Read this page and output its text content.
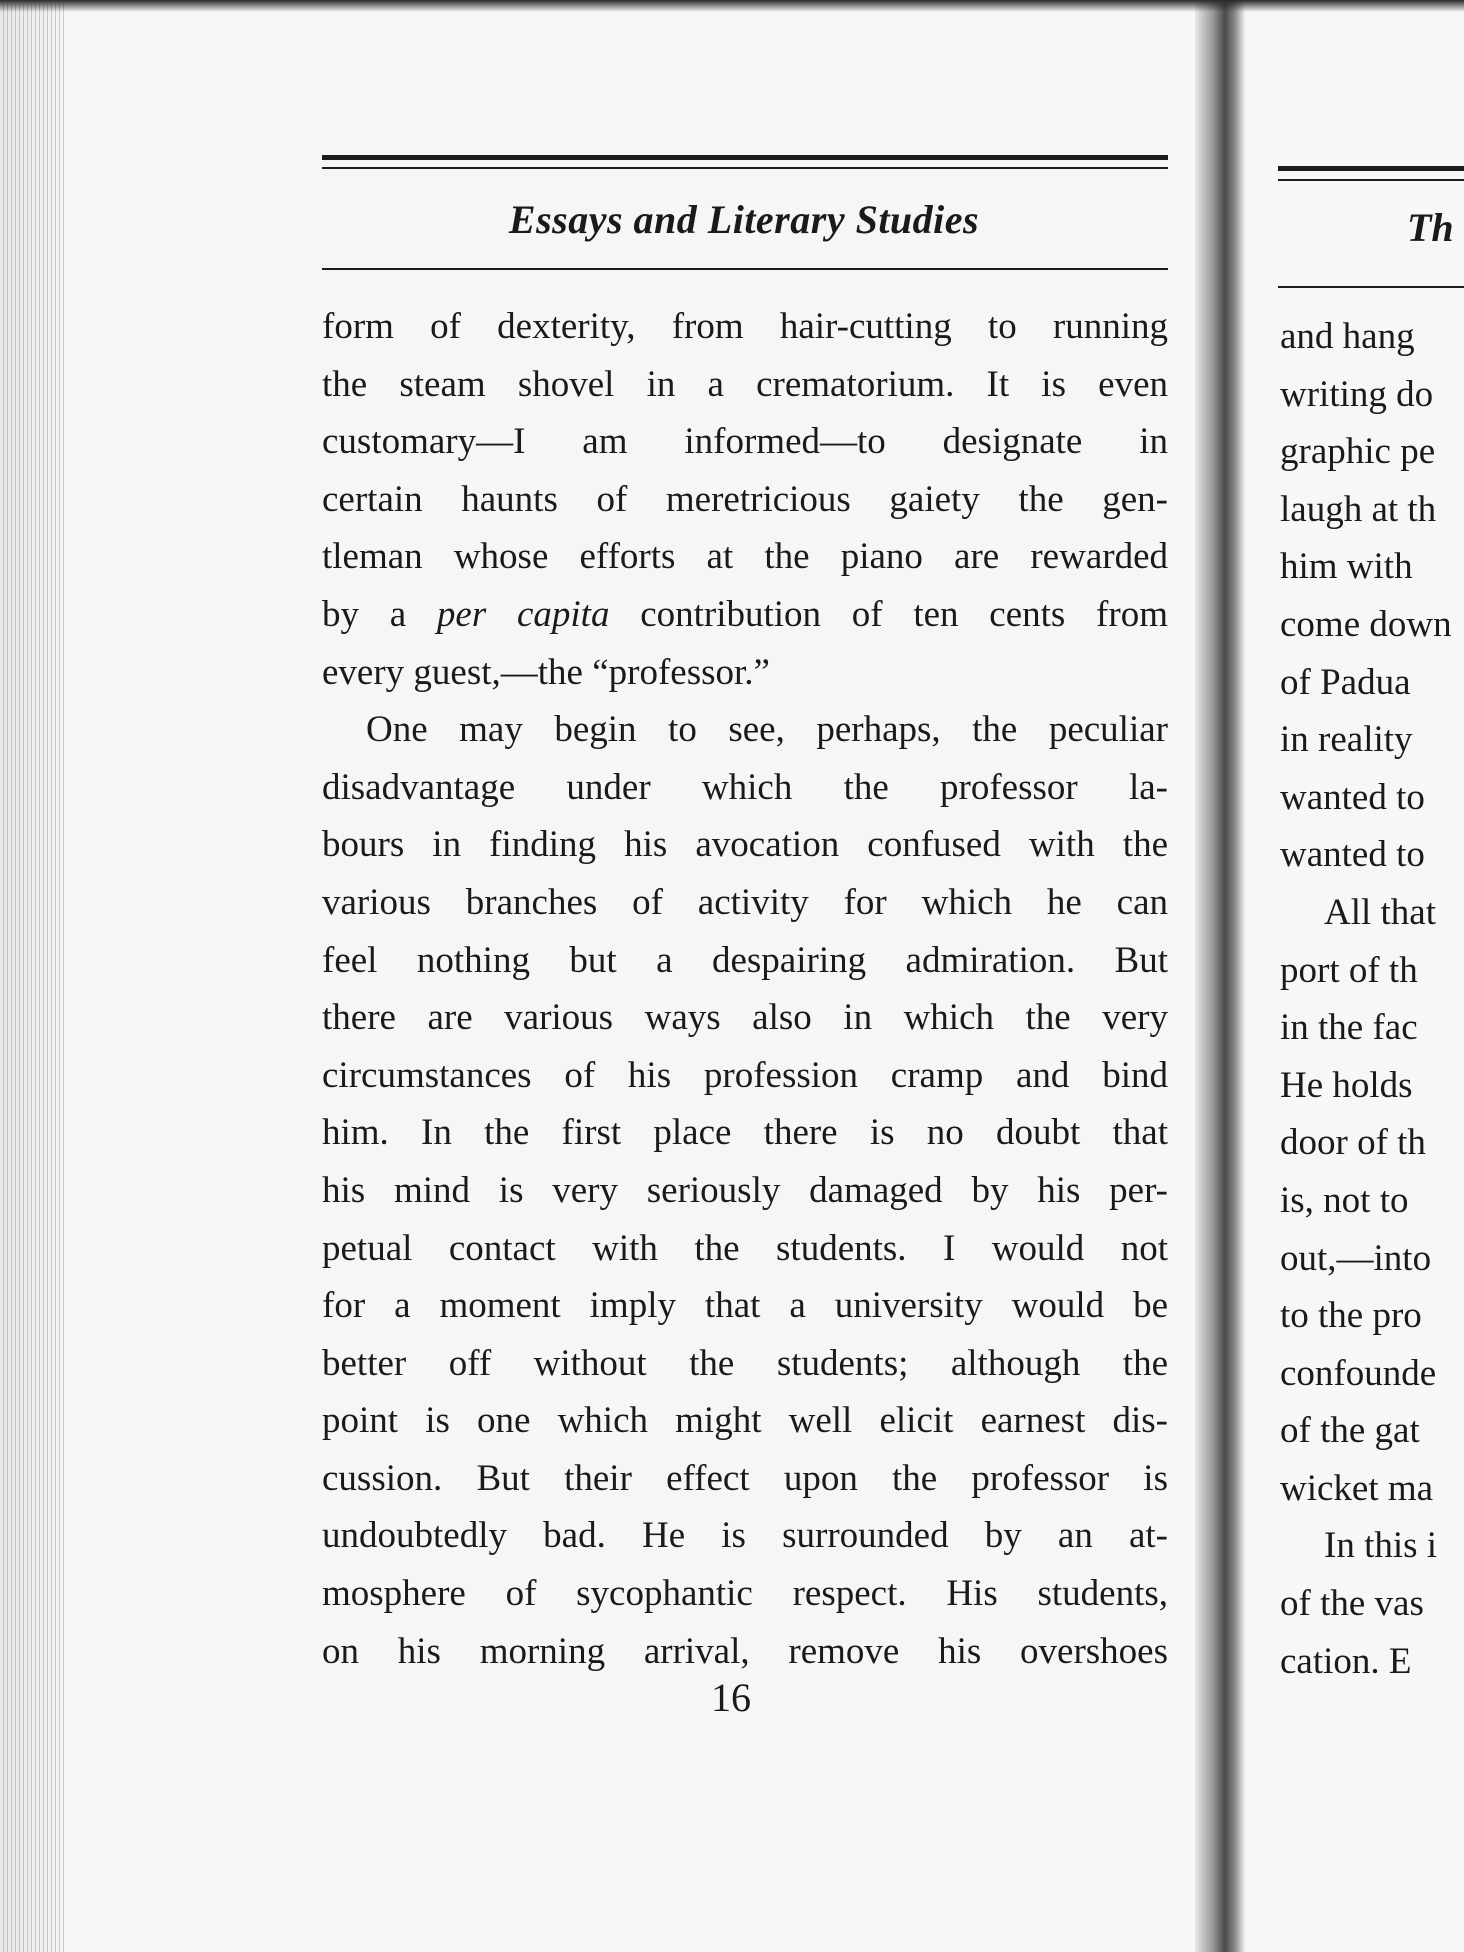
Essays and Literary Studies
form of dexterity, from hair-cutting to running
the steam shovel in a crematorium. It is even
customary—I am informed—to designate in
certain haunts of meretricious gaiety the gen-
tleman whose efforts at the piano are rewarded
by a per capita contribution of ten cents from
every guest,—the “professor.”
One may begin to see, perhaps, the peculiar
disadvantage under which the professor la-
bours in finding his avocation confused with the
various branches of activity for which he can
feel nothing but a despairing admiration. But
there are various ways also in which the very
circumstances of his profession cramp and bind
him. In the first place there is no doubt that
his mind is very seriously damaged by his per-
petual contact with the students. I would not
for a moment imply that a university would be
better off without the students; although the
point is one which might well elicit earnest dis-
cussion. But their effect upon the professor is
undoubtedly bad. He is surrounded by an at-
mosphere of sycophantic respect. His students,
on his morning arrival, remove his overshoes
16
Th
and hang
writing do
graphic pe
laugh at th
him with
come down
of Padua
in reality
wanted to
wanted to
All that
port of th
in the fac
He holds
door of th
is, not to
out,—into
to the pro
confounde
of the gat
wicket ma
In this i
of the vas
cation. E
